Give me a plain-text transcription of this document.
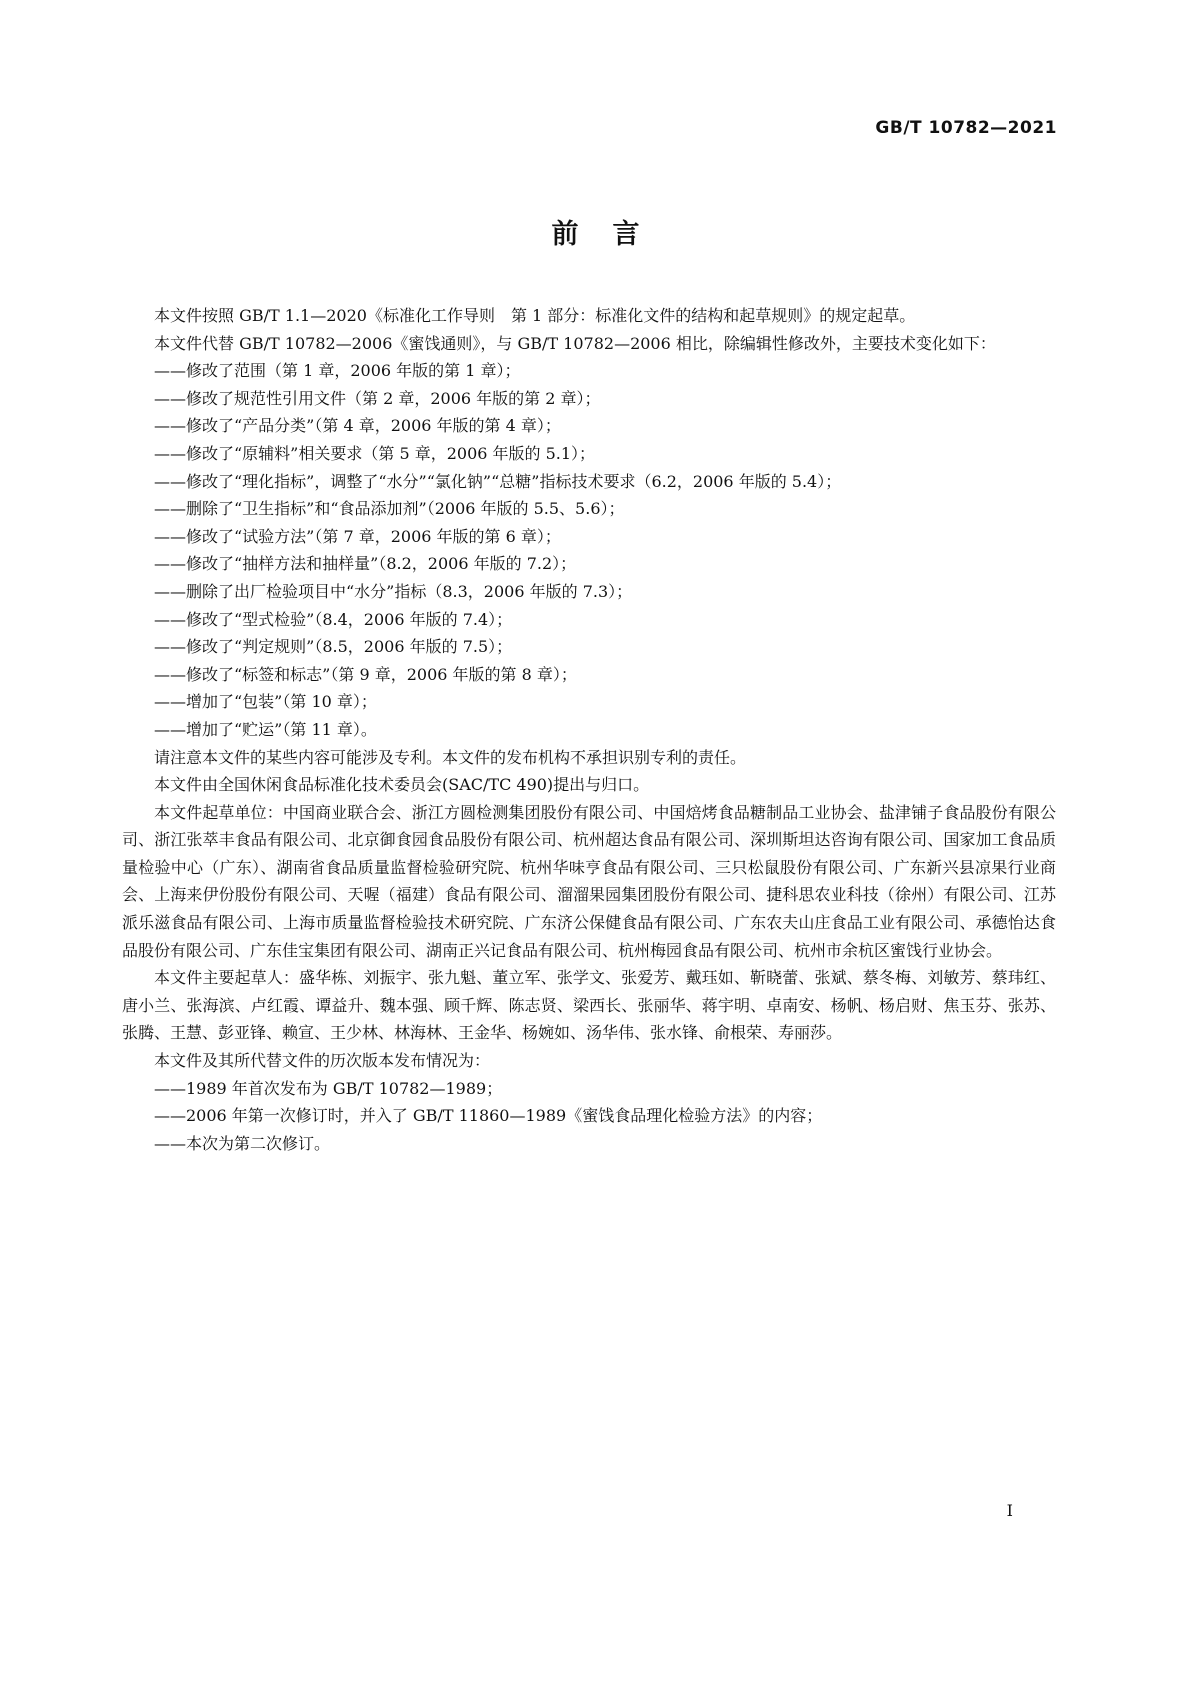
GB/T 10782—2021
前言

本文件按照 GB/T 1.1—2020《标准化工作导则　第 1 部分：标准化文件的结构和起草规则》的规定起草。

本文件代替 GB/T 10782—2006《蜜饯通则》，与 GB/T 10782—2006 相比，除编辑性修改外，主要技术变化如下：

——修改了范围（第 1 章，2006 年版的第 1 章）；

——修改了规范性引用文件（第 2 章，2006 年版的第 2 章）；

——修改了“产品分类”（第 4 章，2006 年版的第 4 章）；

——修改了“原辅料”相关要求（第 5 章，2006 年版的 5.1）；

——修改了“理化指标”，调整了“水分”“氯化钠”“总糖”指标技术要求（6.2，2006 年版的 5.4）；

——删除了“卫生指标”和“食品添加剂”（2006 年版的 5.5、5.6）；

——修改了“试验方法”（第 7 章，2006 年版的第 6 章）；

——修改了“抽样方法和抽样量”（8.2，2006 年版的 7.2）；

——删除了出厂检验项目中“水分”指标（8.3，2006 年版的 7.3）；

——修改了“型式检验”（8.4，2006 年版的 7.4）；

——修改了“判定规则”（8.5，2006 年版的 7.5）；

——修改了“标签和标志”（第 9 章，2006 年版的第 8 章）；

——增加了“包装”（第 10 章）；

——增加了“贮运”（第 11 章）。

请注意本文件的某些内容可能涉及专利。本文件的发布机构不承担识别专利的责任。

本文件由全国休闲食品标准化技术委员会(SAC/TC 490)提出与归口。

本文件起草单位：中国商业联合会、浙江方圆检测集团股份有限公司、中国焙烤食品糖制品工业协会、盐津铺子食品股份有限公司、浙江张萃丰食品有限公司、北京御食园食品股份有限公司、杭州超达食品有限公司、深圳斯坦达咨询有限公司、国家加工食品质量检验中心（广东）、湖南省食品质量监督检验研究院、杭州华味亨食品有限公司、三只松鼠股份有限公司、广东新兴县凉果行业商会、上海来伊份股份有限公司、天喔（福建）食品有限公司、溜溜果园集团股份有限公司、捷科思农业科技（徐州）有限公司、江苏派乐滋食品有限公司、上海市质量监督检验技术研究院、广东济公保健食品有限公司、广东农夫山庄食品工业有限公司、承德怡达食品股份有限公司、广东佳宝集团有限公司、湖南正兴记食品有限公司、杭州梅园食品有限公司、杭州市余杭区蜜饯行业协会。

本文件主要起草人：盛华栋、刘振宇、张九魁、董立军、张学文、张爱芳、戴珏如、靳晓蕾、张斌、蔡冬梅、刘敏芳、蔡玮红、唐小兰、张海滨、卢红霞、谭益升、魏本强、顾千辉、陈志贤、梁西长、张丽华、蒋宇明、卓南安、杨帆、杨启财、焦玉芬、张苏、张腾、王慧、彭亚锋、赖宣、王少林、林海林、王金华、杨婉如、汤华伟、张水锋、俞根荣、寿丽莎。

本文件及其所代替文件的历次版本发布情况为：

——1989 年首次发布为 GB/T 10782—1989；

——2006 年第一次修订时，并入了 GB/T 11860—1989《蜜饯食品理化检验方法》的内容；

——本次为第二次修订。

I
